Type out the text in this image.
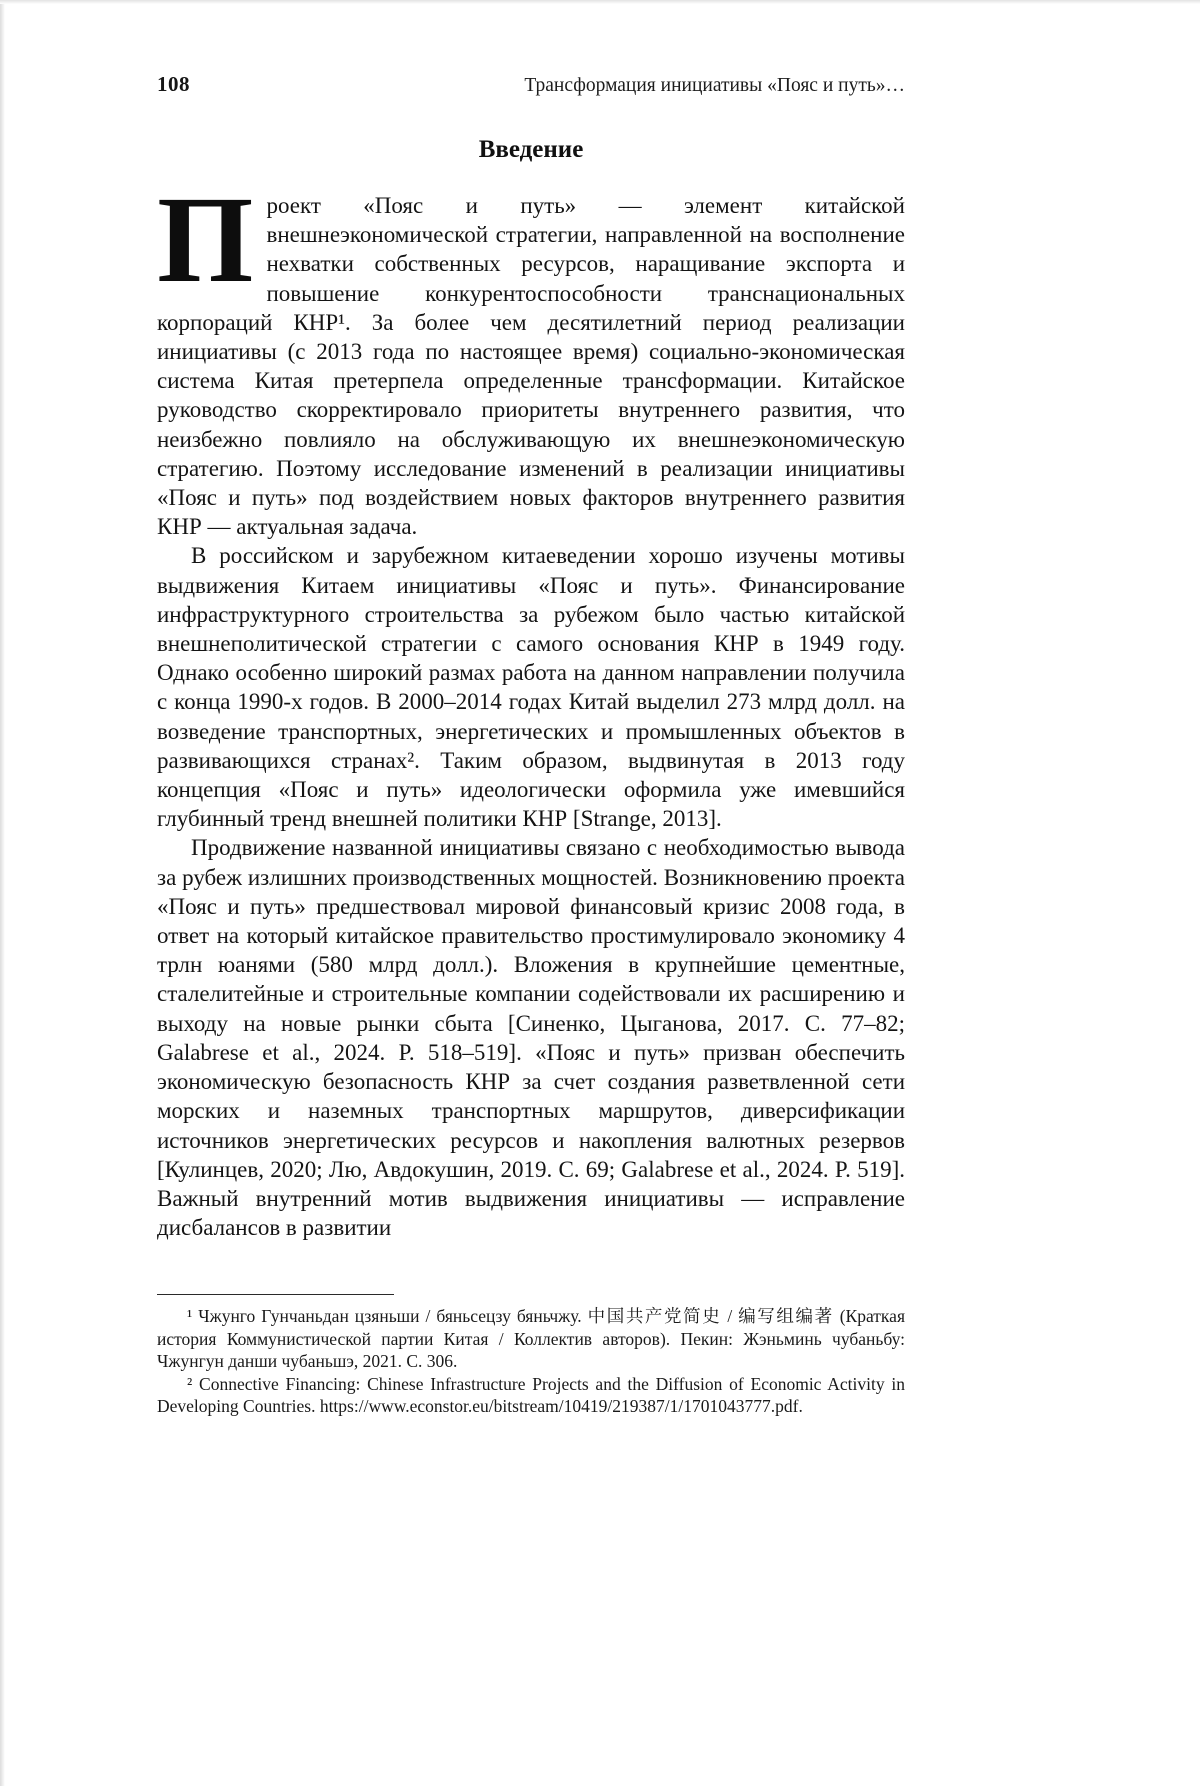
108	Трансформация инициативы «Пояс и путь»…
Введение

Проект «Пояс и путь» — элемент китайской внешнеэкономической стратегии, направленной на восполнение нехватки собственных ресурсов, наращивание экспорта и повышение конкурентоспособности транснациональных корпораций КНР¹. За более чем десятилетний период реализации инициативы (с 2013 года по настоящее время) социально-экономическая система Китая претерпела определенные трансформации. Китайское руководство скорректировало приоритеты внутреннего развития, что неизбежно повлияло на обслуживающую их внешнеэкономическую стратегию. Поэтому исследование изменений в реализации инициативы «Пояс и путь» под воздействием новых факторов внутреннего развития КНР — актуальная задача.

В российском и зарубежном китаеведении хорошо изучены мотивы выдвижения Китаем инициативы «Пояс и путь». Финансирование инфраструктурного строительства за рубежом было частью китайской внешнеполитической стратегии с самого основания КНР в 1949 году. Однако особенно широкий размах работа на данном направлении получила с конца 1990-х годов. В 2000–2014 годах Китай выделил 273 млрд долл. на возведение транспортных, энергетических и промышленных объектов в развивающихся странах². Таким образом, выдвинутая в 2013 году концепция «Пояс и путь» идеологически оформила уже имевшийся глубинный тренд внешней политики КНР [Strange, 2013].

Продвижение названной инициативы связано с необходимостью вывода за рубеж излишних производственных мощностей. Возникновению проекта «Пояс и путь» предшествовал мировой финансовый кризис 2008 года, в ответ на который китайское правительство простимулировало экономику 4 трлн юанями (580 млрд долл.). Вложения в крупнейшие цементные, сталелитейные и строительные компании содействовали их расширению и выходу на новые рынки сбыта [Синенко, Цыганова, 2017. С. 77–82; Galabrese et al., 2024. P. 518–519]. «Пояс и путь» призван обеспечить экономическую безопасность КНР за счет создания разветвленной сети морских и наземных транспортных маршрутов, диверсификации источников энергетических ресурсов и накопления валютных резервов [Кулинцев, 2020; Лю, Авдокушин, 2019. С. 69; Galabrese et al., 2024. P. 519]. Важный внутренний мотив выдвижения инициативы — исправление дисбалансов в развитии

¹ Чжунго Гунчаньдан цзяньши / бяньсецзу бяньчжу. 中国共产党简史 / 编写组编著 (Краткая история Коммунистической партии Китая / Коллектив авторов). Пекин: Жэньминь чубаньбу: Чжунгун данши чубаньшэ, 2021. С. 306.

² Connective Financing: Chinese Infrastructure Projects and the Diffusion of Economic Activity in Developing Countries. https://www.econstor.eu/bitstream/10419/219387/1/1701043777.pdf.
